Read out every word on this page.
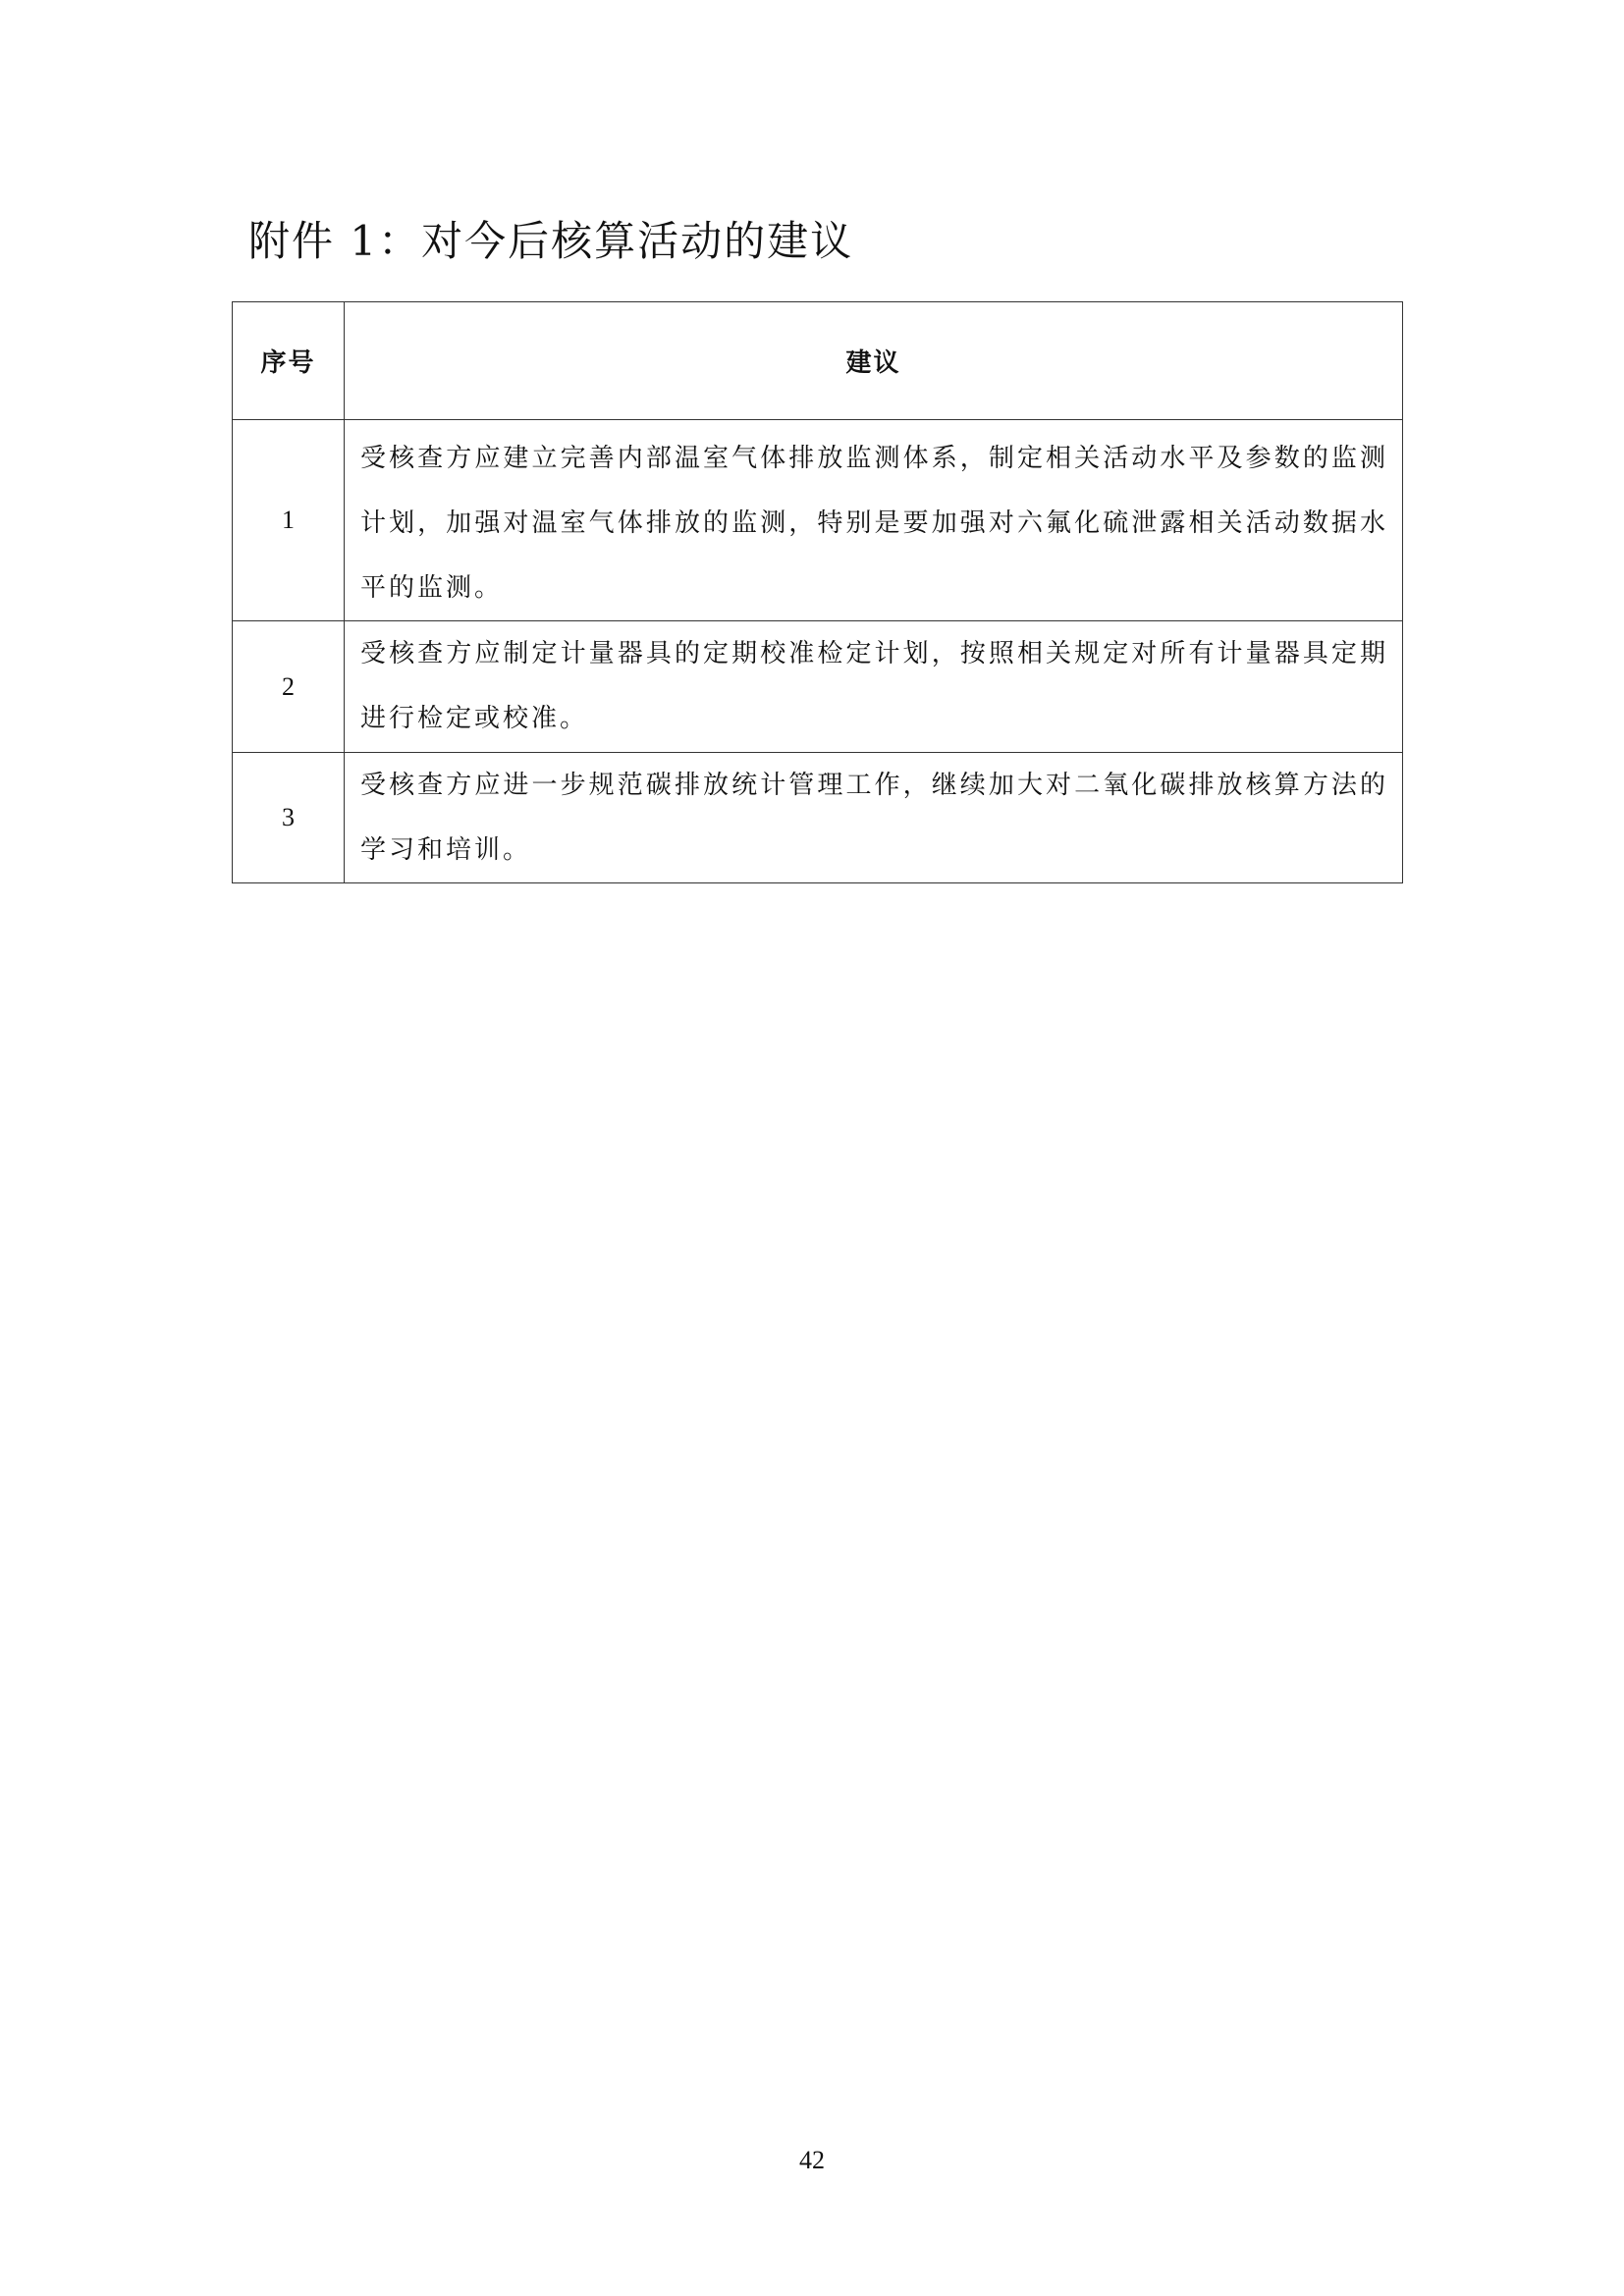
附件 1：对今后核算活动的建议
序号	建议
1	受核查方应建立完善内部温室气体排放监测体系，制定相关活动水平及参数的监测计划，加强对温室气体排放的监测，特别是要加强对六氟化硫泄露相关活动数据水平的监测。
2	受核查方应制定计量器具的定期校准检定计划，按照相关规定对所有计量器具定期进行检定或校准。
3	受核查方应进一步规范碳排放统计管理工作，继续加大对二氧化碳排放核算方法的学习和培训。
42
